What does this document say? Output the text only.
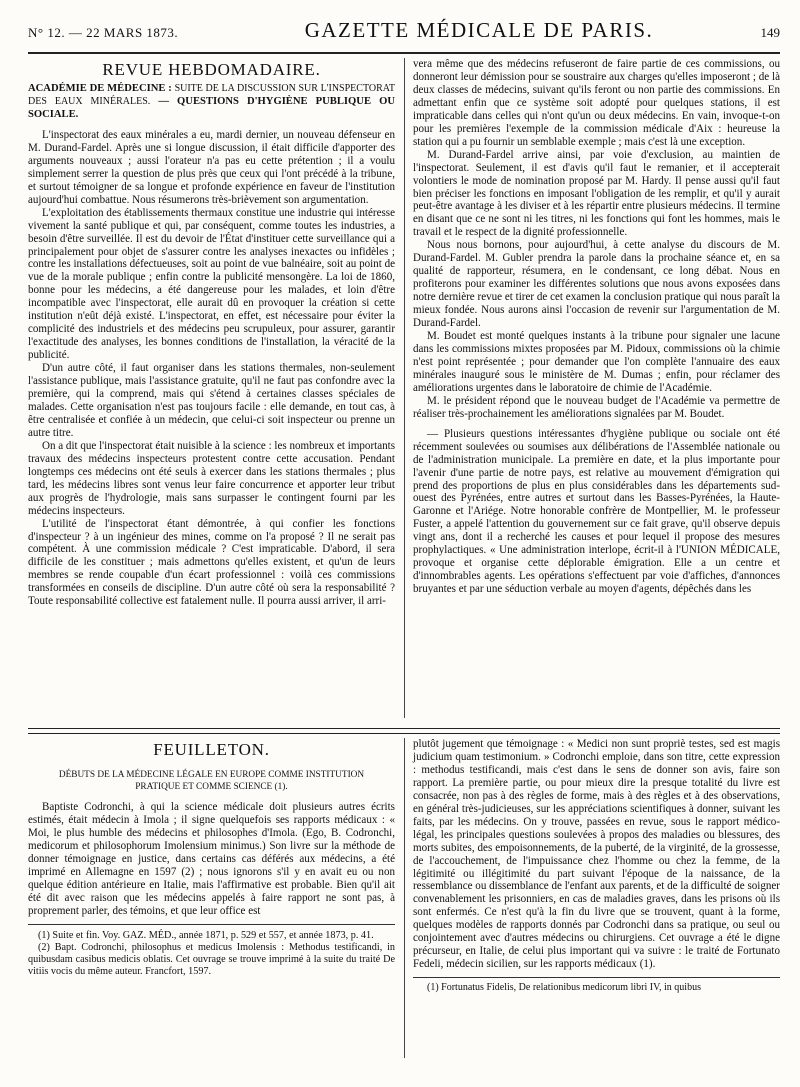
N° 12. — 22 MARS 1873.	GAZETTE MÉDICALE DE PARIS.	149
REVUE HEBDOMADAIRE.
ACADÉMIE DE MÉDECINE : SUITE DE LA DISCUSSION SUR L'INSPECTORAT DES EAUX MINÉRALES. — QUESTIONS D'HYGIÈNE PUBLIQUE OU SOCIALE.

L'inspectorat des eaux minérales a eu, mardi dernier, un nouveau défenseur en M. Durand-Fardel. Après une si longue discussion, il était difficile d'apporter des arguments nouveaux ; aussi l'orateur n'a pas eu cette prétention ; il a voulu simplement serrer la question de plus près que ceux qui l'ont précédé à la tribune, et surtout témoigner de sa longue et profonde expérience en faveur de l'institution aujourd'hui combattue. Nous résumerons très-brièvement son argumentation.

L'exploitation des établissements thermaux constitue une industrie qui intéresse vivement la santé publique et qui, par conséquent, comme toutes les industries, a besoin d'être surveillée. Il est du devoir de l'État d'instituer cette surveillance qui a principalement pour objet de s'assurer contre les analyses inexactes ou infidèles ; contre les installations défectueuses, soit au point de vue balnéaire, soit au point de vue de la morale publique ; enfin contre la publicité mensongère. La loi de 1860, bonne pour les médecins, a été dangereuse pour les malades, et loin d'être incompatible avec l'inspectorat, elle aurait dû en provoquer la création si cette institution n'eût déjà existé. L'inspectorat, en effet, est nécessaire pour éviter la complicité des industriels et des médecins peu scrupuleux, pour assurer, garantir l'exactitude des analyses, les bonnes conditions de l'installation, la véracité de la publicité.

D'un autre côté, il faut organiser dans les stations thermales, non-seulement l'assistance publique, mais l'assistance gratuite, qu'il ne faut pas confondre avec la première, qui la comprend, mais qui s'étend à certaines classes spéciales de malades. Cette organisation n'est pas toujours facile : elle demande, en tout cas, à être centralisée et confiée à un médecin, que celui-ci soit inspecteur ou prenne un autre titre.

On a dit que l'inspectorat était nuisible à la science : les nombreux et importants travaux des médecins inspecteurs protestent contre cette accusation. Pendant longtemps ces médecins ont été seuls à exercer dans les stations thermales ; plus tard, les médecins libres sont venus leur faire concurrence et apporter leur tribut aux progrès de l'hydrologie, mais sans surpasser le contingent fourni par les médecins inspecteurs.

L'utilité de l'inspectorat étant démontrée, à qui confier les fonctions d'inspecteur ? à un ingénieur des mines, comme on l'a proposé ? Il ne serait pas compétent. À une commission médicale ? C'est impraticable. D'abord, il sera difficile de les constituer ; mais admettons qu'elles existent, et qu'un de leurs membres se rende coupable d'un écart professionnel : voilà ces commissions transformées en conseils de discipline. D'un autre côté où sera la responsabilité ? Toute responsabilité collective est fatalement nulle. Il pourra aussi arriver, il arri-

vera même que des médecins refuseront de faire partie de ces commissions, ou donneront leur démission pour se soustraire aux charges qu'elles imposeront ; de là deux classes de médecins, suivant qu'ils feront ou non partie des commissions. En admettant enfin que ce système soit adopté pour quelques stations, il est impraticable dans celles qui n'ont qu'un ou deux médecins. En vain, invoque-t-on pour les premières l'exemple de la commission médicale d'Aix : heureuse la station qui a pu fournir un semblable exemple ; mais c'est là une exception.

M. Durand-Fardel arrive ainsi, par voie d'exclusion, au maintien de l'inspectorat. Seulement, il est d'avis qu'il faut le remanier, et il accepterait volontiers le mode de nomination proposé par M. Hardy. Il pense aussi qu'il faut bien préciser les fonctions en imposant l'obligation de les remplir, et qu'il y aurait peut-être avantage à les diviser et à les répartir entre plusieurs médecins. Il termine en disant que ce ne sont ni les titres, ni les fonctions qui font les hommes, mais le travail et le respect de la dignité professionnelle.

Nous nous bornons, pour aujourd'hui, à cette analyse du discours de M. Durand-Fardel. M. Gubler prendra la parole dans la prochaine séance et, en sa qualité de rapporteur, résumera, en le condensant, ce long débat. Nous en profiterons pour examiner les différentes solutions que nous avons exposées dans notre dernière revue et tirer de cet examen la conclusion pratique qui nous paraît la mieux fondée. Nous aurons ainsi l'occasion de revenir sur l'argumentation de M. Durand-Fardel.

M. Boudet est monté quelques instants à la tribune pour signaler une lacune dans les commissions mixtes proposées par M. Pidoux, commissions où la chimie n'est point représentée ; pour demander que l'on complète l'annuaire des eaux minérales inauguré sous le ministère de M. Dumas ; enfin, pour réclamer des améliorations urgentes dans le laboratoire de chimie de l'Académie.

M. le président répond que le nouveau budget de l'Académie va permettre de réaliser très-prochainement les améliorations signalées par M. Boudet.

— Plusieurs questions intéressantes d'hygiène publique ou sociale ont été récemment soulevées ou soumises aux délibérations de l'Assemblée nationale ou de l'administration municipale. La première en date, et la plus importante pour l'avenir d'une partie de notre pays, est relative au mouvement d'émigration qui prend des proportions de plus en plus considérables dans les départements sud-ouest des Pyrénées, entre autres et surtout dans les Basses-Pyrénées, la Haute-Garonne et l'Ariége. Notre honorable confrère de Montpellier, M. le professeur Fuster, a appelé l'attention du gouvernement sur ce fait grave, qu'il observe depuis vingt ans, dont il a recherché les causes et pour lequel il propose des mesures prophylactiques. « Une administration interlope, écrit-il à l'UNION MÉDICALE, provoque et organise cette déplorable émigration. Elle a un centre et d'innombrables agents. Les opérations s'effectuent par voie d'affiches, d'annonces bruyantes et par une séduction verbale au moyen d'agents, dépêchés dans les

FEUILLETON.
DÉBUTS DE LA MÉDECINE LÉGALE EN EUROPE COMME INSTITUTION
PRATIQUE ET COMME SCIENCE (1).

Baptiste Codronchi, à qui la science médicale doit plusieurs autres écrits estimés, était médecin à Imola ; il signe quelquefois ses rapports médicaux : « Moi, le plus humble des médecins et philosophes d'Imola. (Ego, B. Codronchi, medicorum et philosophorum Imolensium minimus.) Son livre sur la méthode de donner témoignage en justice, dans certains cas déférés aux médecins, a été imprimé en Allemagne en 1597 (2) ; nous ignorons s'il y en avait eu ou non quelque édition antérieure en Italie, mais l'affirmative est probable. Bien qu'il ait été dit avec raison que les médecins appelés à faire rapport ne sont pas, à proprement parler, des témoins, et que leur office est

(1) Suite et fin. Voy. GAZ. MÉD., année 1871, p. 529 et 557, et année 1873, p. 41.

(2) Bapt. Codronchi, philosophus et medicus Imolensis : Methodus testificandi, in quibusdam casibus medicis oblatis. Cet ouvrage se trouve imprimé à la suite du traité De vitiis vocis du même auteur. Francfort, 1597.

plutôt jugement que témoignage : « Medici non sunt propriè testes, sed est magis judicium quam testimonium. » Codronchi emploie, dans son titre, cette expression : methodus testificandi, mais c'est dans le sens de donner son avis, faire son rapport. La première partie, ou pour mieux dire la presque totalité du livre est consacrée, non pas à des règles de forme, mais à des règles et à des observations, en général très-judicieuses, sur les appréciations scientifiques à donner, suivant les faits, par les médecins. On y trouve, passées en revue, sous le rapport médico-légal, les principales questions soulevées à propos des maladies ou blessures, des morts subites, des empoisonnements, de la puberté, de la virginité, de la grossesse, de l'accouchement, de l'impuissance chez l'homme ou chez la femme, de la légitimité ou illégitimité du part suivant l'époque de la naissance, de la ressemblance ou dissemblance de l'enfant aux parents, et de la difficulté de soigner convenablement les prisonniers, en cas de maladies graves, dans les prisons où ils sont enfermés. Ce n'est qu'à la fin du livre que se trouvent, quant à la forme, quelques modèles de rapports donnés par Codronchi dans sa pratique, ou seul ou conjointement avec d'autres médecins ou chirurgiens. Cet ouvrage a été le digne précurseur, en Italie, de celui plus important qui va suivre : le traité de Fortunato Fedeli, médecin sicilien, sur les rapports médicaux (1).

(1) Fortunatus Fidelis, De relationibus medicorum libri IV, in quibus
